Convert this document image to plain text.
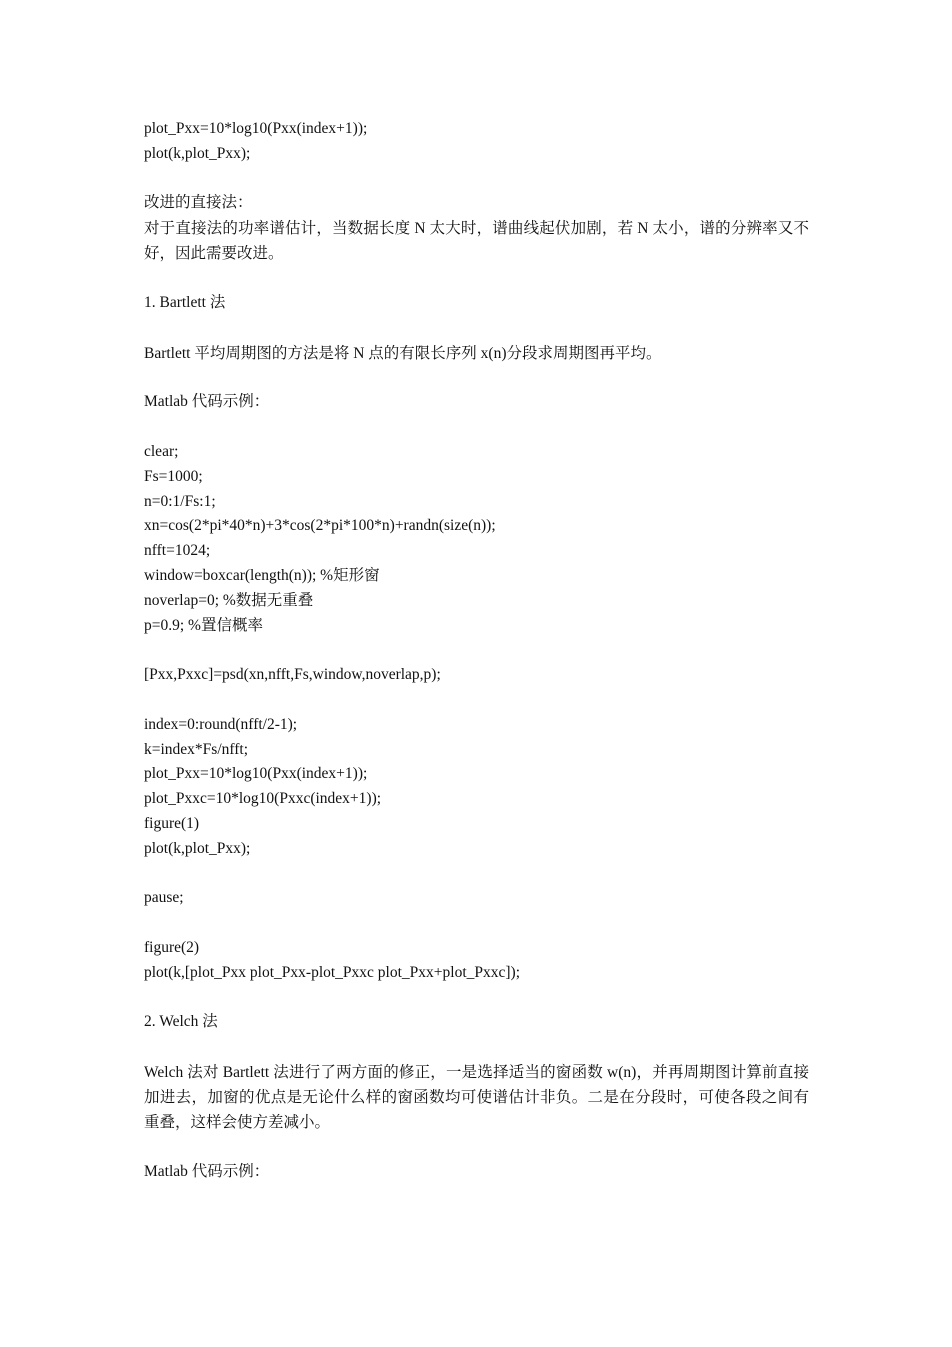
plot_Pxx=10*log10(Pxx(index+1));

plot(k,plot_Pxx);

改进的直接法：

对于直接法的功率谱估计，当数据长度 N 太大时，谱曲线起伏加剧，若 N 太小，谱的分辨率又不好，因此需要改进。

1. Bartlett 法

Bartlett 平均周期图的方法是将 N 点的有限长序列 x(n)分段求周期图再平均。

Matlab 代码示例：

clear;

Fs=1000;

n=0:1/Fs:1;

xn=cos(2*pi*40*n)+3*cos(2*pi*100*n)+randn(size(n));

nfft=1024;

window=boxcar(length(n)); %矩形窗

noverlap=0; %数据无重叠

p=0.9; %置信概率

[Pxx,Pxxc]=psd(xn,nfft,Fs,window,noverlap,p);

index=0:round(nfft/2-1);

k=index*Fs/nfft;

plot_Pxx=10*log10(Pxx(index+1));

plot_Pxxc=10*log10(Pxxc(index+1));

figure(1)

plot(k,plot_Pxx);

pause;

figure(2)

plot(k,[plot_Pxx plot_Pxx-plot_Pxxc plot_Pxx+plot_Pxxc]);

2. Welch 法

Welch 法对 Bartlett 法进行了两方面的修正，一是选择适当的窗函数 w(n)，并再周期图计算前直接加进去，加窗的优点是无论什么样的窗函数均可使谱估计非负。二是在分段时，可使各段之间有重叠，这样会使方差减小。

Matlab 代码示例：
